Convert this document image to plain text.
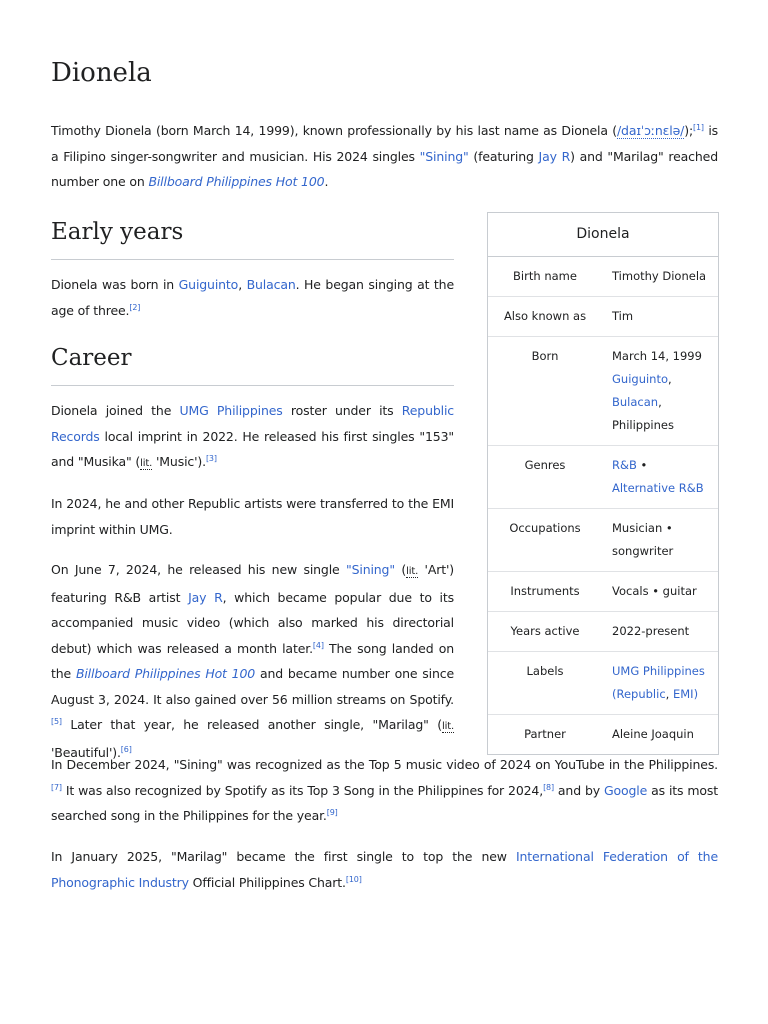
Dionela

Timothy Dionela (born March 14, 1999), known professionally by his last name as Dionela (/daɪˈɔːnɛlə/);[1] is a Filipino singer-songwriter and musician. His 2024 singles "Sining" (featuring Jay R) and "Marilag" reached number one on Billboard Philippines Hot 100.

Early years

Dionela was born in Guiguinto, Bulacan. He began singing at the age of three.[2]

Career

Dionela joined the UMG Philippines roster under its Republic Records local imprint in 2022. He released his first singles "153" and "Musika" (lit. 'Music').[3]

In 2024, he and other Republic artists were transferred to the EMI imprint within UMG.

On June 7, 2024, he released his new single "Sining" (lit. 'Art') featuring R&B artist Jay R, which became popular due to its accompanied music video (which also marked his directorial debut) which was released a month later.[4] The song landed on the Billboard Philippines Hot 100 and became number one since August 3, 2024. It also gained over 56 million streams on Spotify.[5] Later that year, he released another single, "Marilag" (lit. 'Beautiful').[6]

In December 2024, "Sining" was recognized as the Top 5 music video of 2024 on YouTube in the Philippines.[7] It was also recognized by Spotify as its Top 3 Song in the Philippines for 2024,[8] and by Google as its most searched song in the Philippines for the year.[9]

In January 2025, "Marilag" became the first single to top the new International Federation of the Phonographic Industry Official Philippines Chart.[10]

Dionela
Birth name	Timothy Dionela
Also known as	Tim
Born	March 14, 1999
Guiguinto, Bulacan,
Philippines
Genres	R&B • Alternative R&B
Occupations	Musician • songwriter
Instruments	Vocals • guitar
Years active	2022-present
Labels	UMG Philippines (Republic, EMI)
Partner	Aleine Joaquin
